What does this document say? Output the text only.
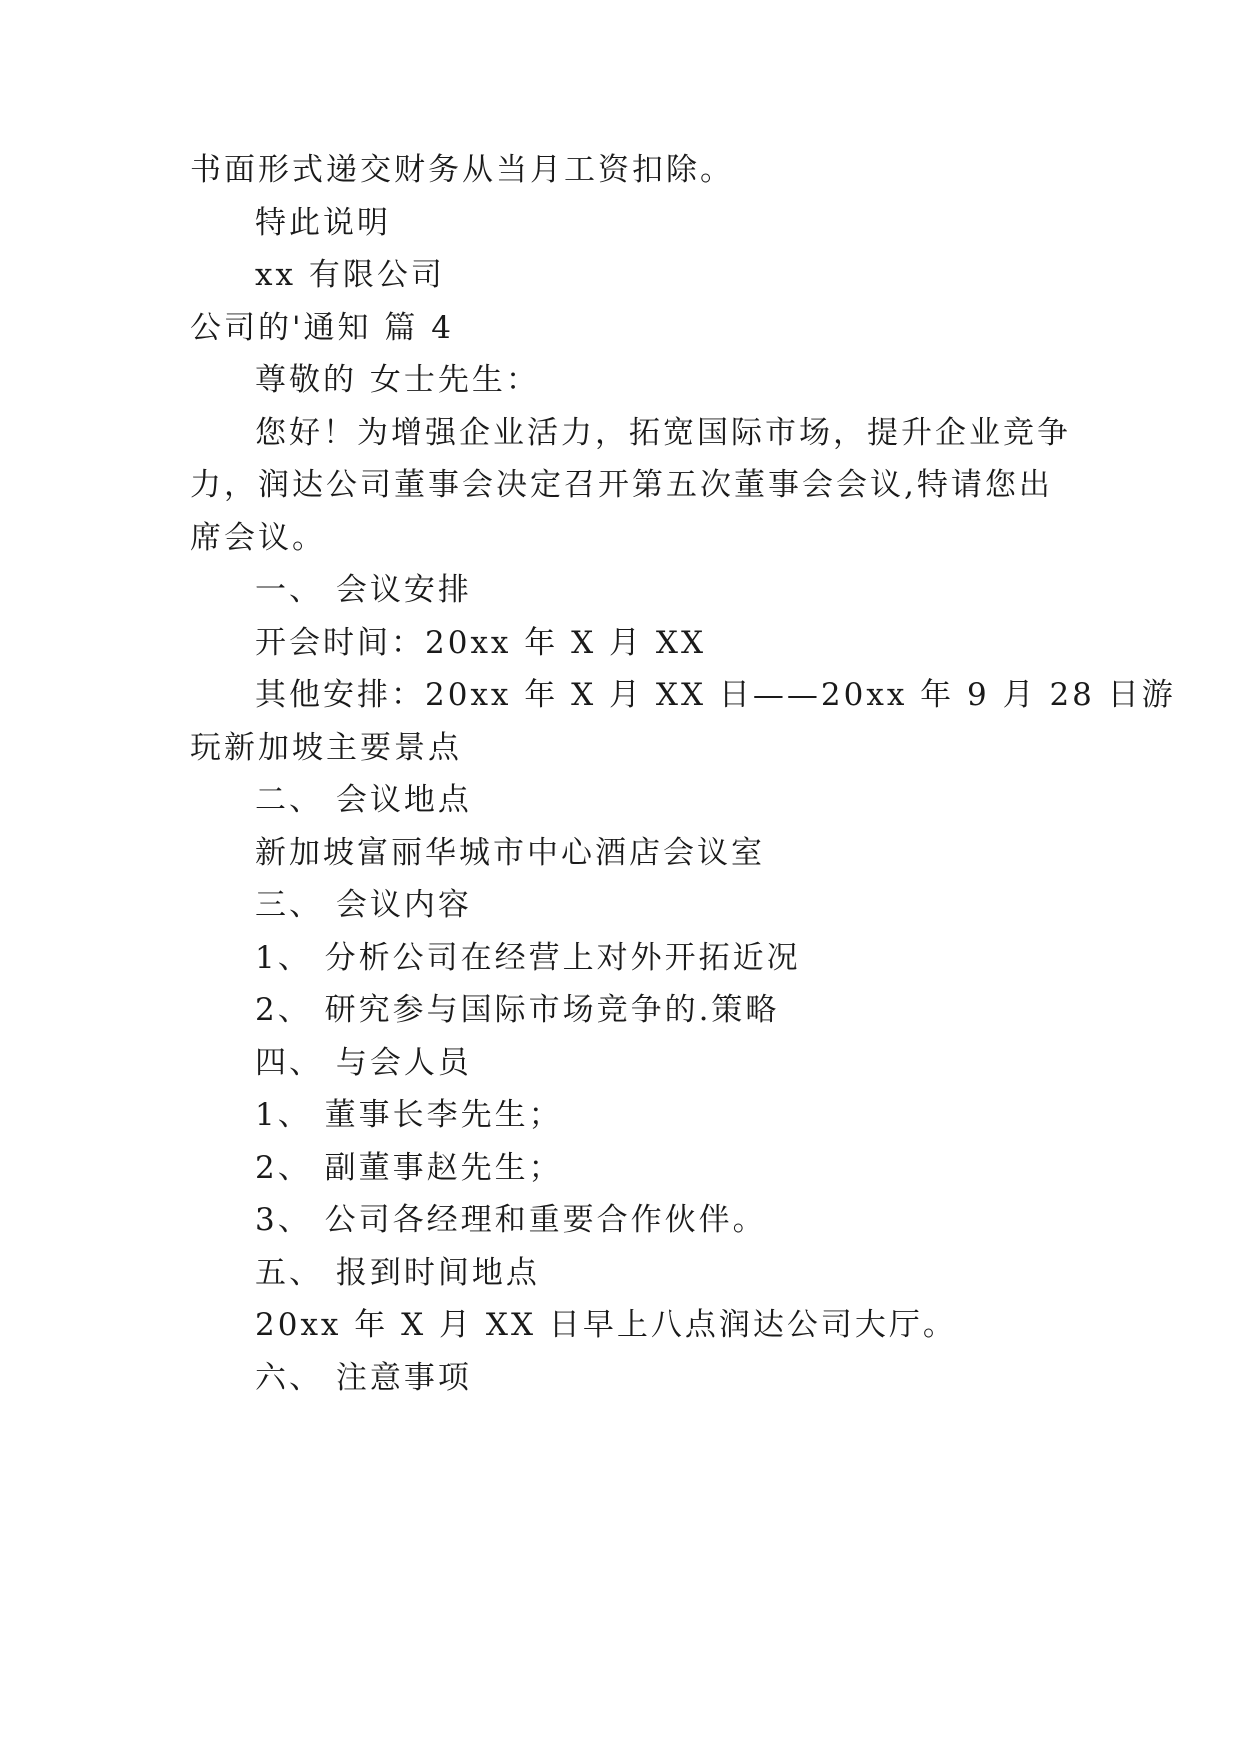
书面形式递交财务从当月工资扣除。
特此说明
xx 有限公司
公司的'通知 篇 4
尊敬的 女士先生：
您好！为增强企业活力，拓宽国际市场，提升企业竞争
力，润达公司董事会决定召开第五次董事会会议,特请您出
席会议。
一、 会议安排
开会时间：20xx 年 X 月 XX
其他安排：20xx 年 X 月 XX 日——20xx 年 9 月 28 日游
玩新加坡主要景点
二、 会议地点
新加坡富丽华城市中心酒店会议室
三、 会议内容
1、 分析公司在经营上对外开拓近况
2、 研究参与国际市场竞争的.策略
四、 与会人员
1、 董事长李先生；
2、 副董事赵先生；
3、 公司各经理和重要合作伙伴。
五、 报到时间地点
20xx 年 X 月 XX 日早上八点润达公司大厅。
六、 注意事项
